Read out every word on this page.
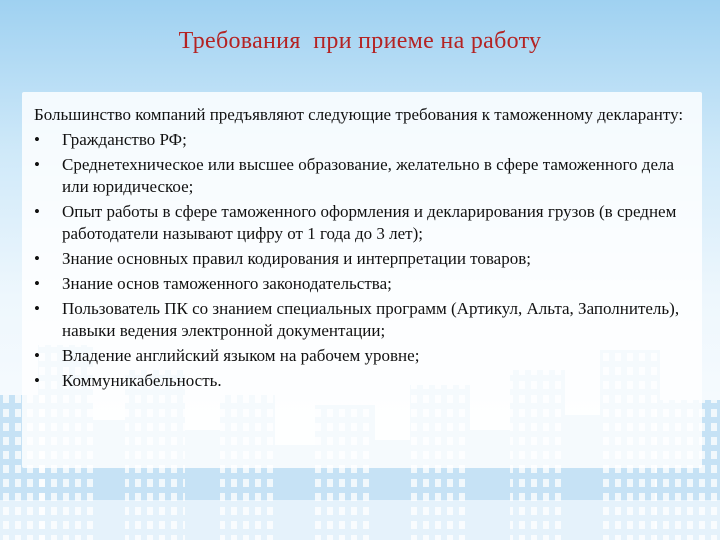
Требования  при приеме на работу

Большинство компаний предъявляют следующие требования к таможенному декларанту:

• Гражданство РФ;
• Среднетехническое или высшее образование, желательно в сфере таможенного дела или юридическое;
• Опыт работы в сфере таможенного оформления и декларирования грузов (в среднем работодатели называют цифру от 1 года до 3 лет);
• Знание основных правил кодирования и интерпретации товаров;
• Знание основ таможенного законодательства;
• Пользователь ПК со знанием специальных программ (Артикул, Альта, Заполнитель), навыки ведения электронной документации;
• Владение английский языком на рабочем уровне;
• Коммуникабельность.
